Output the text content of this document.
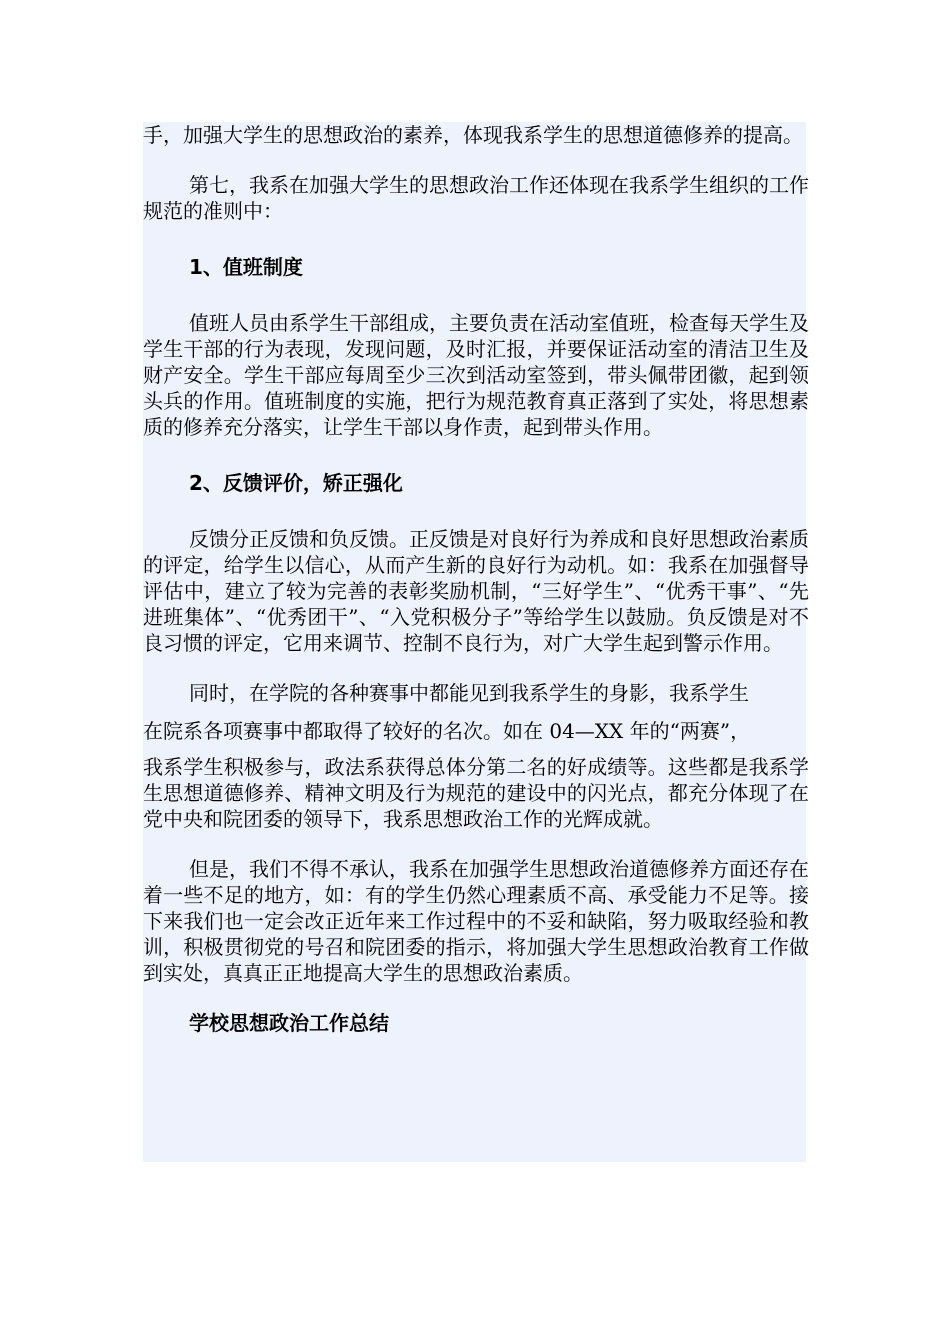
手，加强大学生的思想政治的素养，体现我系学生的思想道德修养的提高。

第七，我系在加强大学生的思想政治工作还体现在我系学生组织的工作规范的准则中：

1、值班制度

值班人员由系学生干部组成，主要负责在活动室值班，检查每天学生及学生干部的行为表现，发现问题，及时汇报，并要保证活动室的清洁卫生及财产安全。学生干部应每周至少三次到活动室签到，带头佩带团徽，起到领头兵的作用。值班制度的实施，把行为规范教育真正落到了实处，将思想素质的修养充分落实，让学生干部以身作责，起到带头作用。

2、反馈评价，矫正强化

反馈分正反馈和负反馈。正反馈是对良好行为养成和良好思想政治素质的评定，给学生以信心，从而产生新的良好行为动机。如：我系在加强督导评估中，建立了较为完善的表彰奖励机制，“三好学生”、“优秀干事”、“先进班集体”、“优秀团干”、“入党积极分子”等给学生以鼓励。负反馈是对不良习惯的评定，它用来调节、控制不良行为，对广大学生起到警示作用。

同时，在学院的各种赛事中都能见到我系学生的身影，我系学生

在院系各项赛事中都取得了较好的名次。如在 04—XX 年的“两赛”，

我系学生积极参与，政法系获得总体分第二名的好成绩等。这些都是我系学生思想道德修养、精神文明及行为规范的建设中的闪光点，都充分体现了在党中央和院团委的领导下，我系思想政治工作的光辉成就。

但是，我们不得不承认，我系在加强学生思想政治道德修养方面还存在着一些不足的地方，如：有的学生仍然心理素质不高、承受能力不足等。接下来我们也一定会改正近年来工作过程中的不妥和缺陷，努力吸取经验和教训，积极贯彻党的号召和院团委的指示，将加强大学生思想政治教育工作做到实处，真真正正地提高大学生的思想政治素质。

学校思想政治工作总结
